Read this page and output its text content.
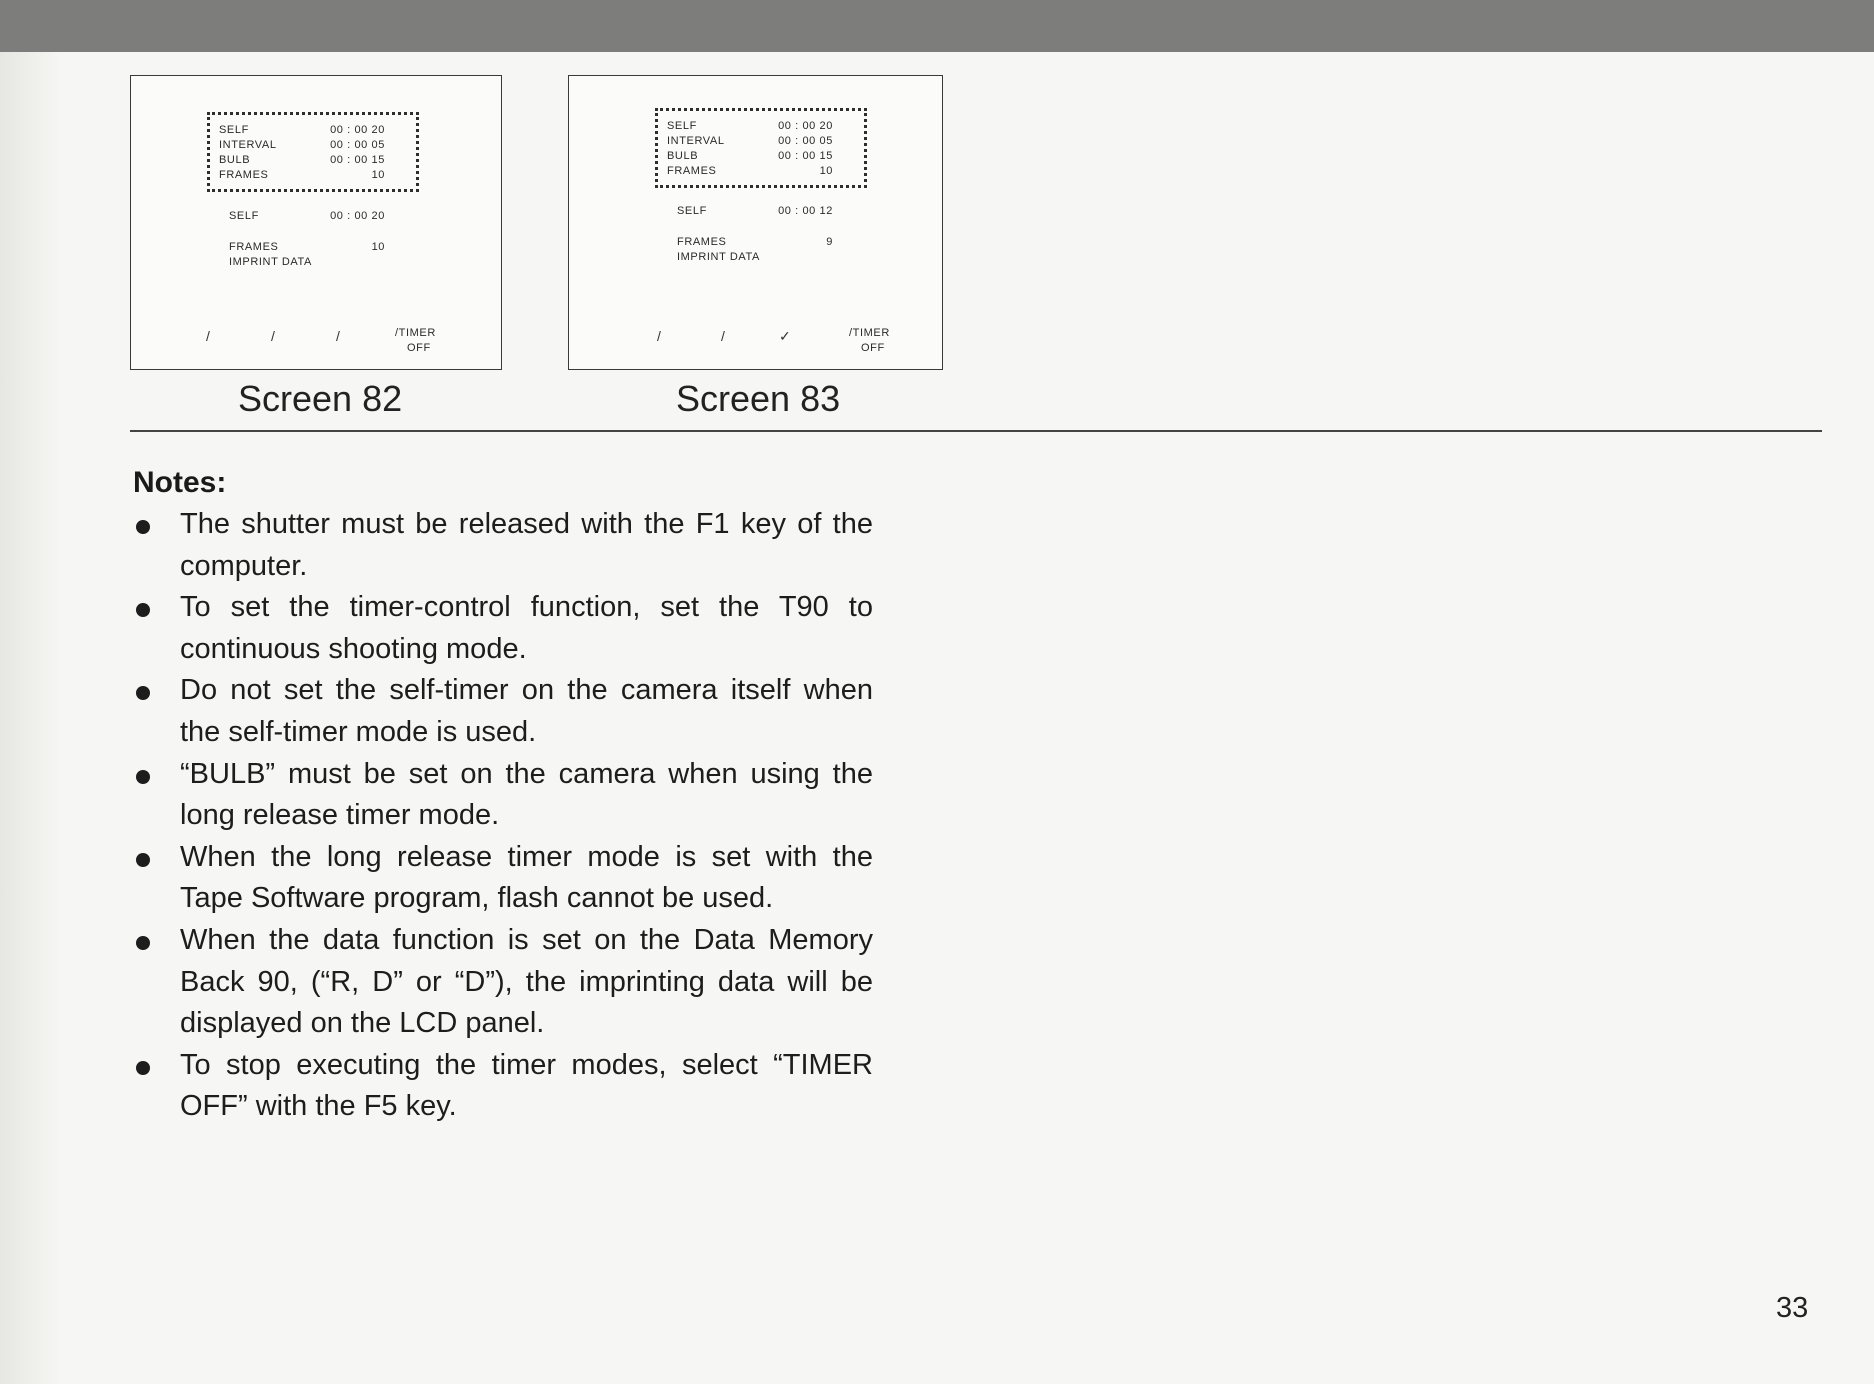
SELF	00 : 00 20
INTERVAL	00 : 00 05
BULB	00 : 00 15
FRAMES	10
SELF	00 : 00 20
FRAMES	10
IMPRINT DATA
/	/	/	/TIMER
OFF
Screen 82
SELF	00 : 00 20
INTERVAL	00 : 00 05
BULB	00 : 00 15
FRAMES	10
SELF	00 : 00 12
FRAMES	9
IMPRINT DATA
/	/	✓	/TIMER
OFF
Screen 83
Notes:
The shutter must be released with the F1 key of the computer.
To set the timer-control function, set the T90 to continuous shooting mode.
Do not set the self-timer on the camera itself when the self-timer mode is used.
“BULB” must be set on the camera when using the long release timer mode.
When the long release timer mode is set with the Tape Software program, flash cannot be used.
When the data function is set on the Data Memory Back 90, (“R, D” or “D”), the imprinting data will be displayed on the LCD panel.
To stop executing the timer modes, select “TIMER OFF” with the F5 key.
33
